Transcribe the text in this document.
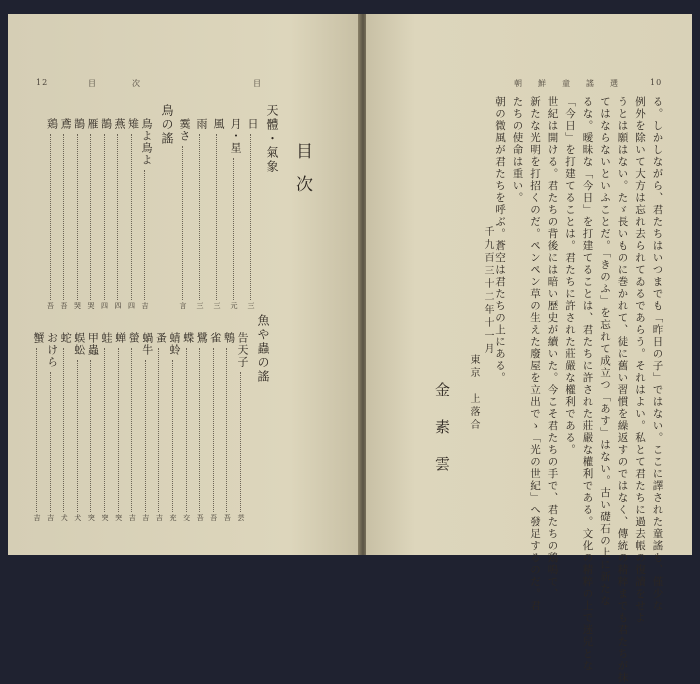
12	目　　　次　　　　　　　　　　目
目次
天體・氣象
日
三
月・星
元
風
三
雨
三
霙さ
言
鳥の謠
鳥よ鳥よ
吉
雉
四
燕
四
鵲
四
雁
哭
鵲
哭
鳶
吾
鶏
吾
魚や蟲の謠
告天子
芸
鵯
吾
雀
吾
鷺
吾
蝶
交
蜻蛉
充
蚤
吉
蝸牛
吉
螢
吉
蝉
突
蛙
突
甲蟲
突
蜈蚣
犬
蛇
犬
おけら
吉
蟹
吉
朝　鮮　童　謠　選	10
る。しかしながら、君たちはいつまでも「昨日の子」ではない。ここに譯された童謠も、僅少な
例外を除いて大方は忘れ去られてゐるであらう。それはよい。私とて君たちに過去帳の復讀をせよ
うとは願はない。たゞ長いものに巻かれて、徒に舊い習慣を繰返すのではなく、傳統の精粹までも君たちが抹
てはならないといふことだ。「きのふ」を忘れて成立つ「あす」はない。古い礎石の上に新たな
るな。曖昧な「今日」を打建てることは、君たちに許された莊嚴な權利である。文化の精粹の上で迷兒とな
「今日」を打建てることは。君たちに許された莊嚴な權利である。
世紀は開ける。君たちの背後には暗い歴史が續いた。今こそ君たちの手で、君たちの鶏鳴で、
新たな光明を打招くのだ。ペンペン草の生えた廢屋を立出でゝ「光の世紀」へ發足するのだ。君
たちの使命は重い。
朝の微風が君たちを呼ぶ。蒼空は君たちの上にある。
千九百三十二年十一月
東京　上落合
金素雲
